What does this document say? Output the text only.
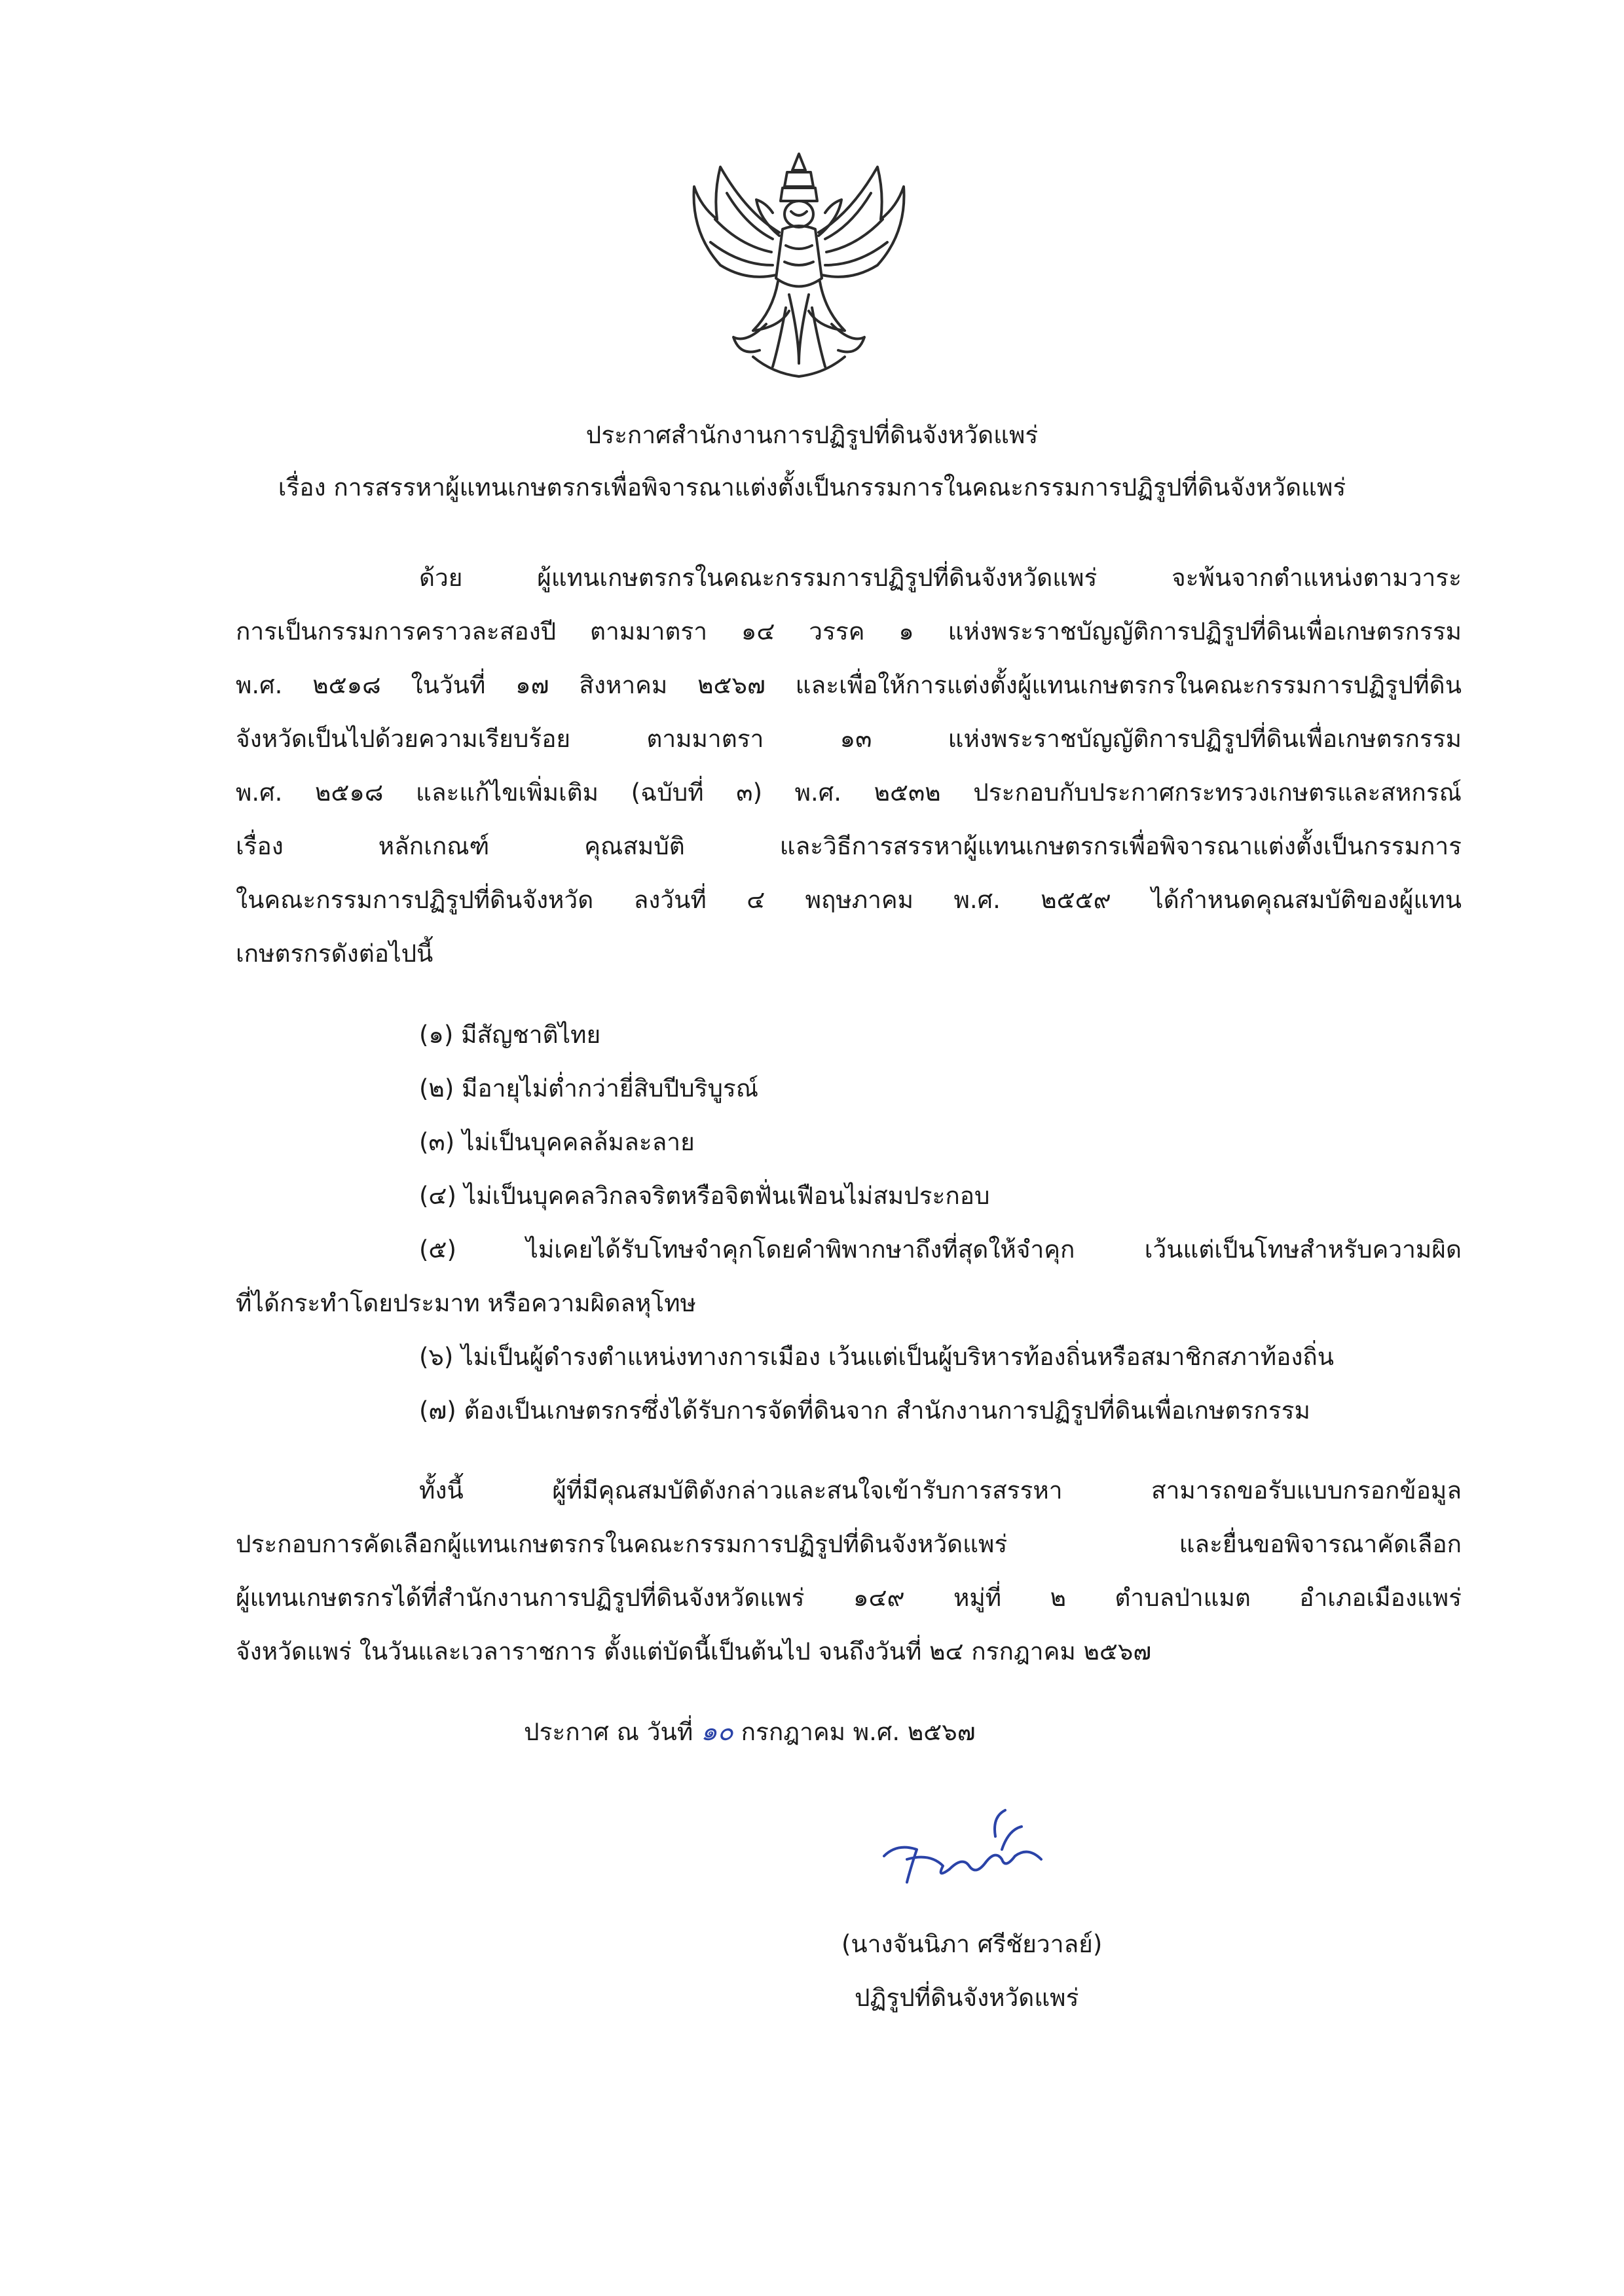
ประกาศสำนักงานการปฏิรูปที่ดินจังหวัดแพร่
เรื่อง การสรรหาผู้แทนเกษตรกรเพื่อพิจารณาแต่งตั้งเป็นกรรมการในคณะกรรมการปฏิรูปที่ดินจังหวัดแพร่

ด้วย ผู้แทนเกษตรกรในคณะกรรมการปฏิรูปที่ดินจังหวัดแพร่ จะพ้นจากตำแหน่งตามวาระ

การเป็นกรรมการคราวละสองปี ตามมาตรา ๑๔ วรรค ๑ แห่งพระราชบัญญัติการปฏิรูปที่ดินเพื่อเกษตรกรรม

พ.ศ. ๒๕๑๘ ในวันที่ ๑๗ สิงหาคม ๒๕๖๗ และเพื่อให้การแต่งตั้งผู้แทนเกษตรกรในคณะกรรมการปฏิรูปที่ดิน

จังหวัดเป็นไปด้วยความเรียบร้อย ตามมาตรา ๑๓ แห่งพระราชบัญญัติการปฏิรูปที่ดินเพื่อเกษตรกรรม

พ.ศ. ๒๕๑๘ และแก้ไขเพิ่มเติม (ฉบับที่ ๓) พ.ศ. ๒๕๓๒ ประกอบกับประกาศกระทรวงเกษตรและสหกรณ์

เรื่อง หลักเกณฑ์ คุณสมบัติ และวิธีการสรรหาผู้แทนเกษตรกรเพื่อพิจารณาแต่งตั้งเป็นกรรมการ

ในคณะกรรมการปฏิรูปที่ดินจังหวัด ลงวันที่ ๔ พฤษภาคม พ.ศ. ๒๕๕๙ ได้กำหนดคุณสมบัติของผู้แทน

เกษตรกรดังต่อไปนี้

(๑) มีสัญชาติไทย

(๒) มีอายุไม่ต่ำกว่ายี่สิบปีบริบูรณ์

(๓) ไม่เป็นบุคคลล้มละลาย

(๔) ไม่เป็นบุคคลวิกลจริตหรือจิตฟั่นเฟือนไม่สมประกอบ

(๕) ไม่เคยได้รับโทษจำคุกโดยคำพิพากษาถึงที่สุดให้จำคุก เว้นแต่เป็นโทษสำหรับความผิด

ที่ได้กระทำโดยประมาท หรือความผิดลหุโทษ

(๖) ไม่เป็นผู้ดำรงตำแหน่งทางการเมือง เว้นแต่เป็นผู้บริหารท้องถิ่นหรือสมาชิกสภาท้องถิ่น

(๗) ต้องเป็นเกษตรกรซึ่งได้รับการจัดที่ดินจาก สำนักงานการปฏิรูปที่ดินเพื่อเกษตรกรรม

ทั้งนี้ ผู้ที่มีคุณสมบัติดังกล่าวและสนใจเข้ารับการสรรหา สามารถขอรับแบบกรอกข้อมูล

ประกอบการคัดเลือกผู้แทนเกษตรกรในคณะกรรมการปฏิรูปที่ดินจังหวัดแพร่ และยื่นขอพิจารณาคัดเลือก

ผู้แทนเกษตรกรได้ที่สำนักงานการปฏิรูปที่ดินจังหวัดแพร่ ๑๔๙ หมู่ที่ ๒ ตำบลป่าแมต อำเภอเมืองแพร่

จังหวัดแพร่ ในวันและเวลาราชการ ตั้งแต่บัดนี้เป็นต้นไป จนถึงวันที่ ๒๔ กรกฎาคม ๒๕๖๗

ประกาศ ณ วันที่ ๑๐ กรกฎาคม พ.ศ. ๒๕๖๗
(นางจันนิภา ศรีชัยวาลย์)
ปฏิรูปที่ดินจังหวัดแพร่
